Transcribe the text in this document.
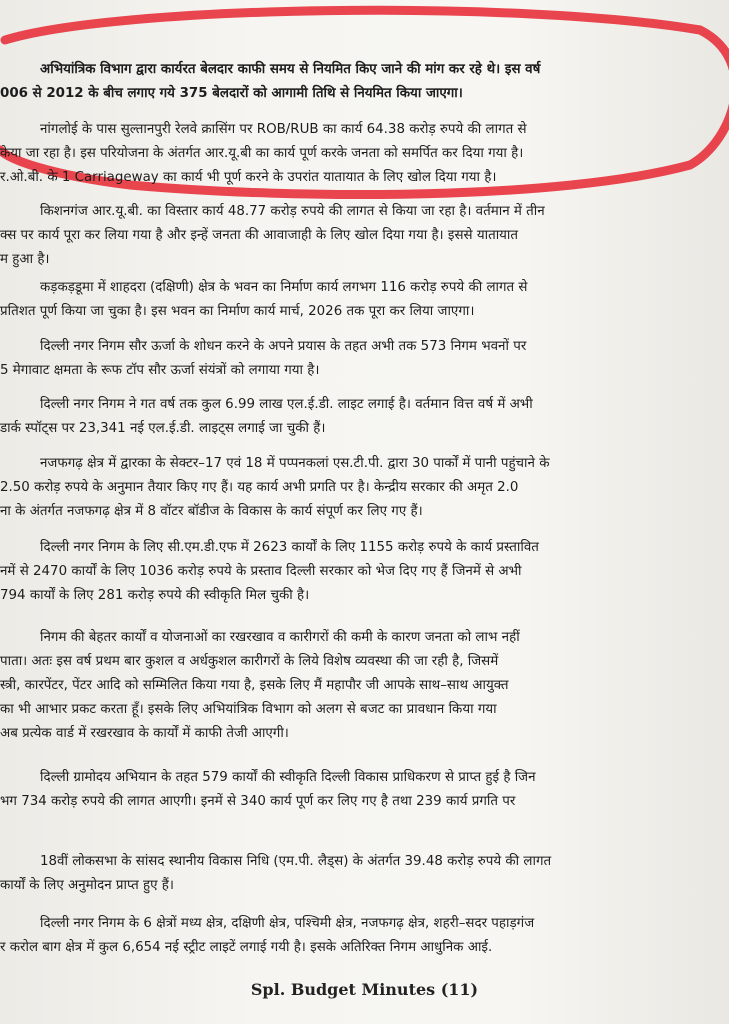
अभियांत्रिक विभाग द्वारा कार्यरत बेलदार काफी समय से नियमित किए जाने की मांग कर रहे थे। इस वर्ष
006 से 2012 के बीच लगाए गये 375 बेलदारों को आगामी तिथि से नियमित किया जाएगा।
नांगलोई के पास सुल्तानपुरी रेलवे क्रासिंग पर ROB/RUB का कार्य 64.38 करोड़ रुपये की लागत से
केया जा रहा है। इस परियोजना के अंतर्गत आर.यू.बी का कार्य पूर्ण करके जनता को समर्पित कर दिया गया है।
र.ओ.बी. के 1 Carriageway का कार्य भी पूर्ण करने के उपरांत यातायात के लिए खोल दिया गया है।
किशनगंज आर.यू.बी. का विस्तार कार्य 48.77 करोड़ रुपये की लागत से किया जा रहा है। वर्तमान में तीन
क्स पर कार्य पूरा कर लिया गया है और इन्हें जनता की आवाजाही के लिए खोल दिया गया है। इससे यातायात
म हुआ है।
कड़कड़डूमा में शाहदरा (दक्षिणी) क्षेत्र के भवन का निर्माण कार्य लगभग 116 करोड़ रुपये की लागत से
प्रतिशत पूर्ण किया जा चुका है। इस भवन का निर्माण कार्य मार्च, 2026 तक पूरा कर लिया जाएगा।
दिल्ली नगर निगम सौर ऊर्जा के शोधन करने के अपने प्रयास के तहत अभी तक 573 निगम भवनों पर
5 मेगावाट क्षमता के रूफ टॉप सौर ऊर्जा संयंत्रों को लगाया गया है।
दिल्ली नगर निगम ने गत वर्ष तक कुल 6.99 लाख एल.ई.डी. लाइट लगाई है। वर्तमान वित्त वर्ष में अभी
डार्क स्पॉट्स पर 23,341 नई एल.ई.डी. लाइट्स लगाई जा चुकी हैं।
नजफगढ़ क्षेत्र में द्वारका के सेक्टर–17 एवं 18 में पप्पनकलां एस.टी.पी. द्वारा 30 पार्कों में पानी पहुंचाने के
2.50 करोड़ रुपये के अनुमान तैयार किए गए हैं। यह कार्य अभी प्रगति पर है। केन्द्रीय सरकार की अमृत 2.0
ना के अंतर्गत नजफगढ़ क्षेत्र में 8 वॉटर बॉडीज के विकास के कार्य संपूर्ण कर लिए गए हैं।
दिल्ली नगर निगम के लिए सी.एम.डी.एफ में 2623 कार्यों के लिए 1155 करोड़ रुपये के कार्य प्रस्तावित
नमें से 2470 कार्यों के लिए 1036 करोड़ रुपये के प्रस्ताव दिल्ली सरकार को भेज दिए गए हैं जिनमें से अभी
794 कार्यों के लिए 281 करोड़ रुपये की स्वीकृति मिल चुकी है।
निगम की बेहतर कार्यों व योजनाओं का रखरखाव व कारीगरों की कमी के कारण जनता को लाभ नहीं
पाता। अतः इस वर्ष प्रथम बार कुशल व अर्धकुशल कारीगरों के लिये विशेष व्यवस्था की जा रही है, जिसमें
स्त्री, कारपेंटर, पेंटर आदि को सम्मिलित किया गया है, इसके लिए मैं महापौर जी आपके साथ–साथ आयुक्त
का भी आभार प्रकट करता हूँ। इसके लिए अभियांत्रिक विभाग को अलग से बजट का प्रावधान किया गया
अब प्रत्येक वार्ड में रखरखाव के कार्यों में काफी तेजी आएगी।
दिल्ली ग्रामोदय अभियान के तहत 579 कार्यों की स्वीकृति दिल्ली विकास प्राधिकरण से प्राप्त हुई है जिन
भग 734 करोड़ रुपये की लागत आएगी। इनमें से 340 कार्य पूर्ण कर लिए गए है तथा 239 कार्य प्रगति पर
18वीं लोकसभा के सांसद स्थानीय विकास निधि (एम.पी. लैड्स) के अंतर्गत 39.48 करोड़ रुपये की लागत
कार्यों के लिए अनुमोदन प्राप्त हुए हैं।
दिल्ली नगर निगम के 6 क्षेत्रों मध्य क्षेत्र, दक्षिणी क्षेत्र, पश्चिमी क्षेत्र, नजफगढ़ क्षेत्र, शहरी–सदर पहाड़गंज
र करोल बाग क्षेत्र में कुल 6,654 नई स्ट्रीट लाइटें लगाई गयी है। इसके अतिरिक्त निगम आधुनिक आई.
Spl. Budget Minutes (11)
